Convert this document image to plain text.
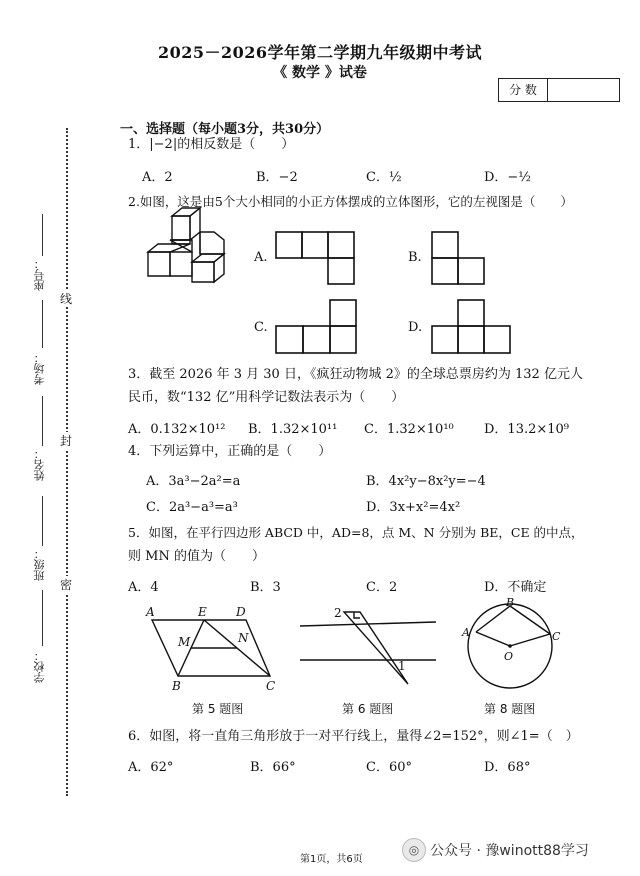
2025－2026学年第二学期九年级期中考试
《 数学 》试卷
分 数
座号：
考场：
姓名：
班级：
学校：
线
封
密
一、选择题（每小题3分，共30分）
1．|−2|的相反数是（　　）
A．2	B．−2	C．½	D．−½
2.如图，这是由5个大小相同的小正方体摆成的立体图形，它的左视图是（　　）
A.	B.
C.	D.
3．截至 2026 年 3 月 30 日，《疯狂动物城 2》的全球总票房约为 132 亿元人
民币，数“132 亿”用科学记数法表示为（　　）
A．0.132×10¹² B．1.32×10¹¹ C．1.32×10¹⁰ D．13.2×10⁹
4．下列运算中，正确的是（　　）
A．3a³−2a²=a	B．4x²y−8x²y=−4
C．2a³−a³=a³	D．3x+x²=4x²
5．如图，在平行四边形 ABCD 中，AD=8，点 M、N 分别为 BE，CE 的中点，
则 MN 的值为（　　）
A．4	B．3	C．2	D．不确定
A	E D
M	N
B	C
2
1
B
A	C
O
第 5 题图	第 6 题图	第 8 题图
6．如图，将一直角三角形放于一对平行线上，量得∠2=152°，则∠1=（　）
A．62°	B．66°	C．60°	D．68°
第1页，共6页
◎ 公众号 · 豫winott88学习
